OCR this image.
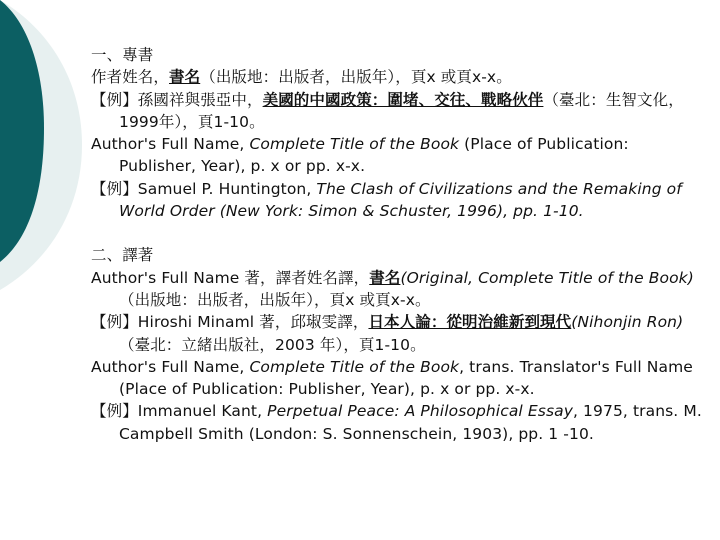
一、專書
作者姓名，書名（出版地：出版者，出版年），頁x 或頁x-x。
【例】孫國祥與張亞中，美國的中國政策：圍堵、交往、戰略伙伴（臺北：生智文化，1999年），頁1-10。
Author's Full Name, Complete Title of the Book (Place of Publication: Publisher, Year), p. x or pp. x-x.
【例】Samuel P. Huntington, The Clash of Civilizations and the Remaking of World Order (New York: Simon & Schuster, 1996), pp. 1-10.
二、譯著
Author's Full Name 著，譯者姓名譯，書名(Original, Complete Title of the Book)（出版地：出版者，出版年），頁x 或頁x-x。
【例】Hiroshi Minaml 著，邱琡雯譯，日本人論：從明治維新到現代(Nihonjin Ron)（臺北：立緒出版社，2003 年），頁1-10。
Author's Full Name, Complete Title of the Book, trans. Translator's Full Name (Place of Publication: Publisher, Year), p. x or pp. x-x.
【例】Immanuel Kant, Perpetual Peace: A Philosophical Essay, 1975, trans. M. Campbell Smith (London: S. Sonnenschein, 1903), pp. 1 -10.
